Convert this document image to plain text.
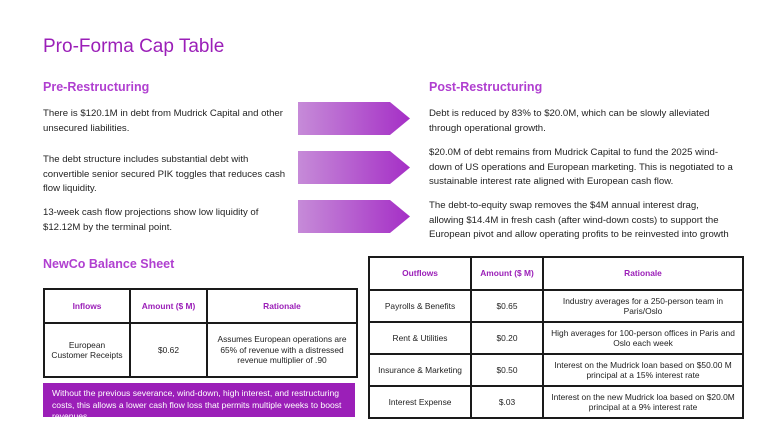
Pro-Forma Cap Table
Pre-Restructuring
There is $120.1M in debt from Mudrick Capital and other unsecured liabilities.
The debt structure includes substantial debt with convertible senior secured PIK toggles that reduces cash flow liquidity.
13-week cash flow projections show low liquidity of $12.12M by the terminal point.
Post-Restructuring
Debt is reduced by 83% to $20.0M, which can be slowly alleviated through operational growth.
$20.0M of debt remains from Mudrick Capital to fund the 2025 wind-down of US operations and European marketing. This is negotiated to a sustainable interest rate aligned with European cash flow.
The debt-to-equity swap removes the $4M annual interest drag, allowing $14.4M in fresh cash (after wind-down costs) to support the European pivot and allow operating profits to be reinvested into growth
NewCo Balance Sheet
Inflows	Amount ($ M)	Rationale
European Customer Receipts	$0.62	Assumes European operations are 65% of revenue with a distressed revenue multiplier of .90
Without the previous severance, wind-down, high interest, and restructuring costs, this allows a lower cash flow loss that permits multiple weeks to boost revenues.
Outflows	Amount ($ M)	Rationale
Payrolls & Benefits	$0.65	Industry averages for a 250-person team in Paris/Oslo
Rent & Utilities	$0.20	High averages for 100-person offices in Paris and Oslo each week
Insurance & Marketing	$0.50	Interest on the Mudrick loan based on $50.00 M principal at a 15% interest rate
Interest Expense	$.03	Interest on the new Mudrick loa based on $20.0M principal at a 9% interest rate
